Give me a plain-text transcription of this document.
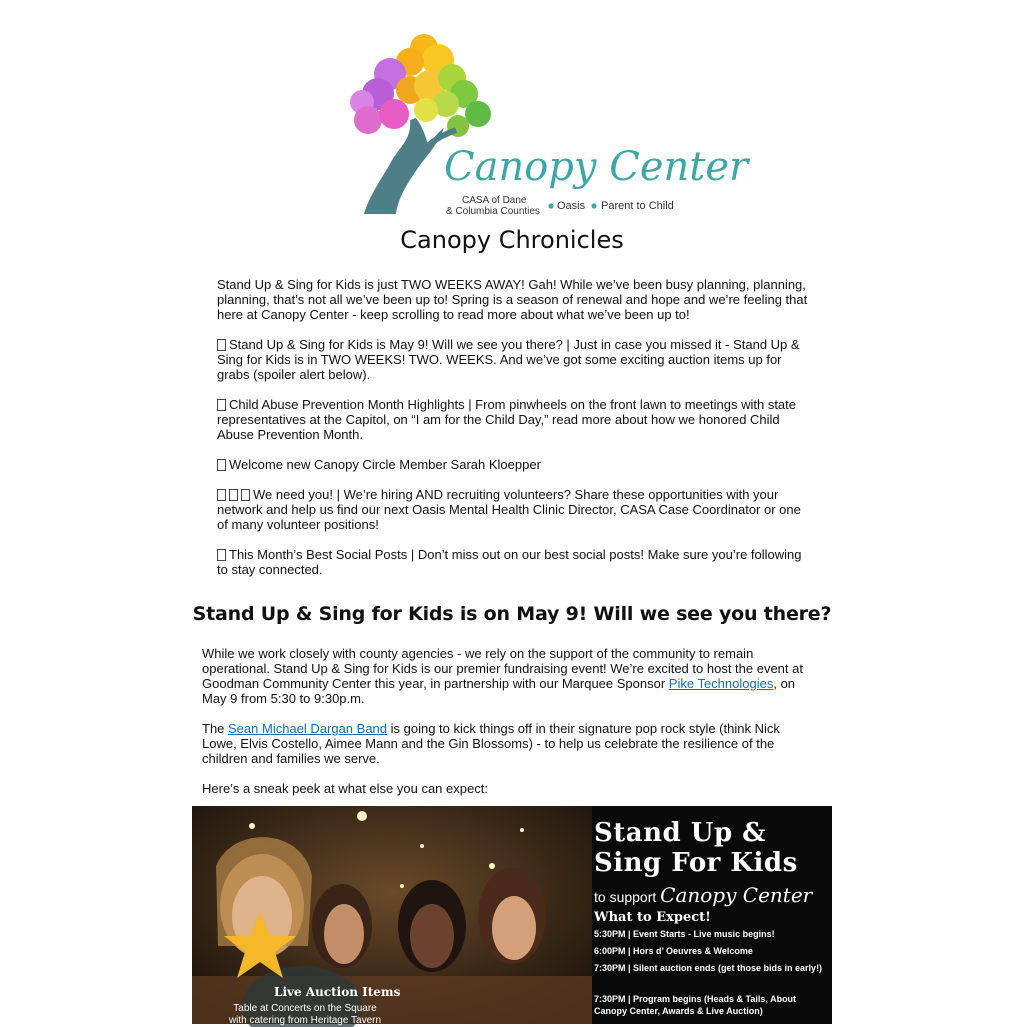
Canopy Center
CASA of Dane
& Columbia Counties Oasis Parent to Child
Canopy Chronicles

Stand Up & Sing for Kids is just TWO WEEKS AWAY! Gah! While we’ve been busy planning, planning, planning, that’s not all we’ve been up to! Spring is a season of renewal and hope and we’re feeling that here at Canopy Center - keep scrolling to read more about what we’ve been up to!

Stand Up & Sing for Kids is May 9! Will we see you there? | Just in case you missed it - Stand Up & Sing for Kids is in TWO WEEKS! TWO. WEEKS. And we’ve got some exciting auction items up for grabs (spoiler alert below).

Child Abuse Prevention Month Highlights | From pinwheels on the front lawn to meetings with state representatives at the Capitol, on “I am for the Child Day,” read more about how we honored Child Abuse Prevention Month.

Welcome new Canopy Circle Member Sarah Kloepper

We need you! | We’re hiring AND recruiting volunteers? Share these opportunities with your network and help us find our next Oasis Mental Health Clinic Director, CASA Case Coordinator or one of many volunteer positions!

This Month’s Best Social Posts | Don’t miss out on our best social posts! Make sure you’re following to stay connected.

Stand Up & Sing for Kids is on May 9! Will we see you there?

While we work closely with county agencies - we rely on the support of the community to remain operational. Stand Up & Sing for Kids is our premier fundraising event! We’re excited to host the event at Goodman Community Center this year, in partnership with our Marquee Sponsor Pike Technologies, on May 9 from 5:30 to 9:30p.m.

The Sean Michael Dargan Band is going to kick things off in their signature pop rock style (think Nick Lowe, Elvis Costello, Aimee Mann and the Gin Blossoms) - to help us celebrate the resilience of the children and families we serve.

Here’s a sneak peek at what else you can expect:

Stand Up &
Sing For Kids
to support Canopy Center
What to Expect!
5:30PM | Event Starts - Live music begins!
6:00PM | Hors d’ Oeuvres & Welcome
7:30PM | Silent auction ends (get those bids in early!)
7:30PM | Program begins (Heads & Tails, About Canopy Center, Awards & Live Auction)
Live Auction Items
Table at Concerts on the Square
with catering from Heritage Tavern
